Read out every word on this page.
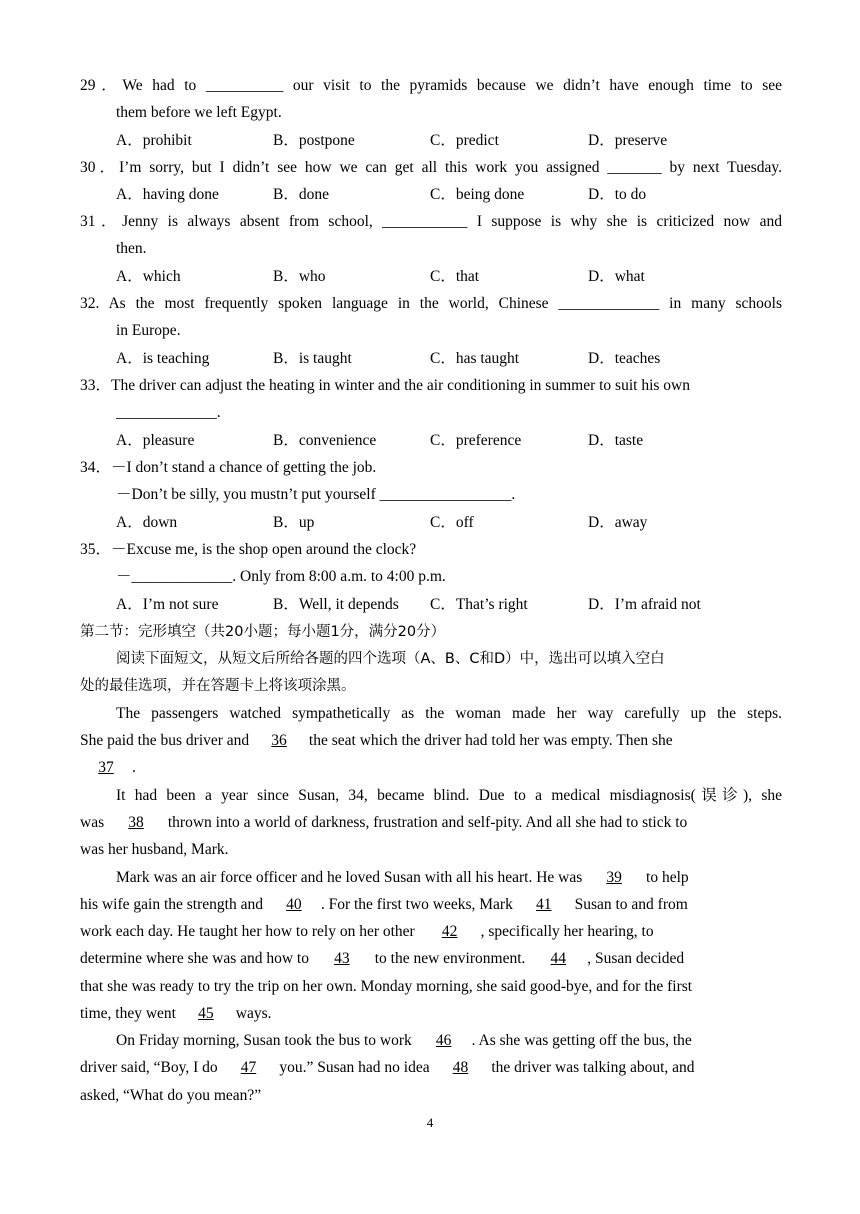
29．We had to __________ our visit to the pyramids because we didn’t have enough time to see
them before we left Egypt.
A．prohibit	B．postpone	C．predict	D．preserve
30．I’m sorry, but I didn’t see how we can get all this work you assigned _______ by next Tuesday.
A．having done	B．done	C．being done	D．to do
31．Jenny is always absent from school, ___________ I suppose is why she is criticized now and
then.
A．which	B．who	C．that	D．what
32. As the most frequently spoken language in the world, Chinese _____________ in many schools
in Europe.
A．is teaching	B．is taught	C．has taught	D．teaches
33．The driver can adjust the heating in winter and the air conditioning in summer to suit his own
_____________.
A．pleasure	B．convenience	C．preference	D．taste
34．－I don’t stand a chance of getting the job.
－Don’t be silly, you mustn’t put yourself _________________.
A．down	B．up	C．off	D．away
35．－Excuse me, is the shop open around the clock?
－_____________. Only from 8:00 a.m. to 4:00 p.m.
A．I’m not sure	B．Well, it depends C．That’s right	D．I’m afraid not
第二节：完形填空（共20小题；每小题1分，满分20分）
阅读下面短文，从短文后所给各题的四个选项（A、B、C和D）中，选出可以填入空白
处的最佳选项，并在答题卡上将该项涂黑。
The passengers watched sympathetically as the woman made her way carefully up the steps.
She paid the bus driver and 36 the seat which the driver had told her was empty. Then she
37 .
It had been a year since Susan, 34, became blind. Due to a medical misdiagnosis(误诊), she
was 38 thrown into a world of darkness, frustration and self-pity. And all she had to stick to
was her husband, Mark.
Mark was an air force officer and he loved Susan with all his heart. He was 39 to help
his wife gain the strength and 40 . For the first two weeks, Mark 41 Susan to and from
work each day. He taught her how to rely on her other 42 , specifically her hearing, to
determine where she was and how to 43 to the new environment. 44 , Susan decided
that she was ready to try the trip on her own. Monday morning, she said good-bye, and for the first
time, they went 45 ways.
On Friday morning, Susan took the bus to work 46 . As she was getting off the bus, the
driver said, “Boy, I do 47 you.” Susan had no idea 48 the driver was talking about, and
asked, “What do you mean?”
4
